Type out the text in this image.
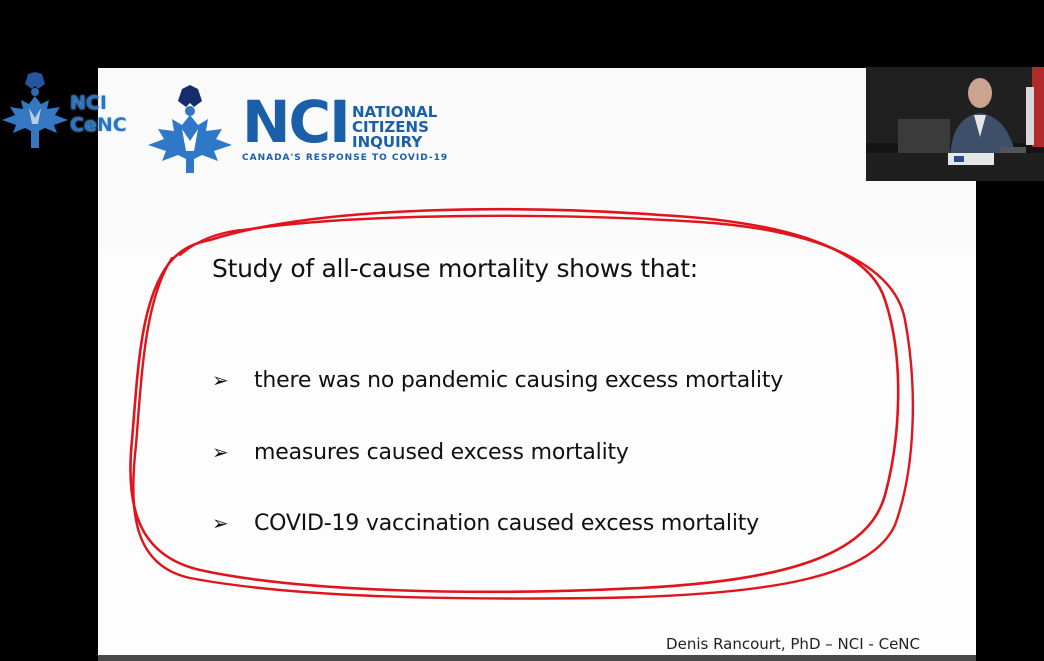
NCI NATIONAL
CITIZENS
INQUIRY
CANADA'S RESPONSE TO COVID-19
Study of all-cause mortality shows that:
➢ there was no pandemic causing excess mortality
➢ measures caused excess mortality
➢ COVID-19 vaccination caused excess mortality
Denis Rancourt, PhD – NCI - CeNC
NCI
CeNC
